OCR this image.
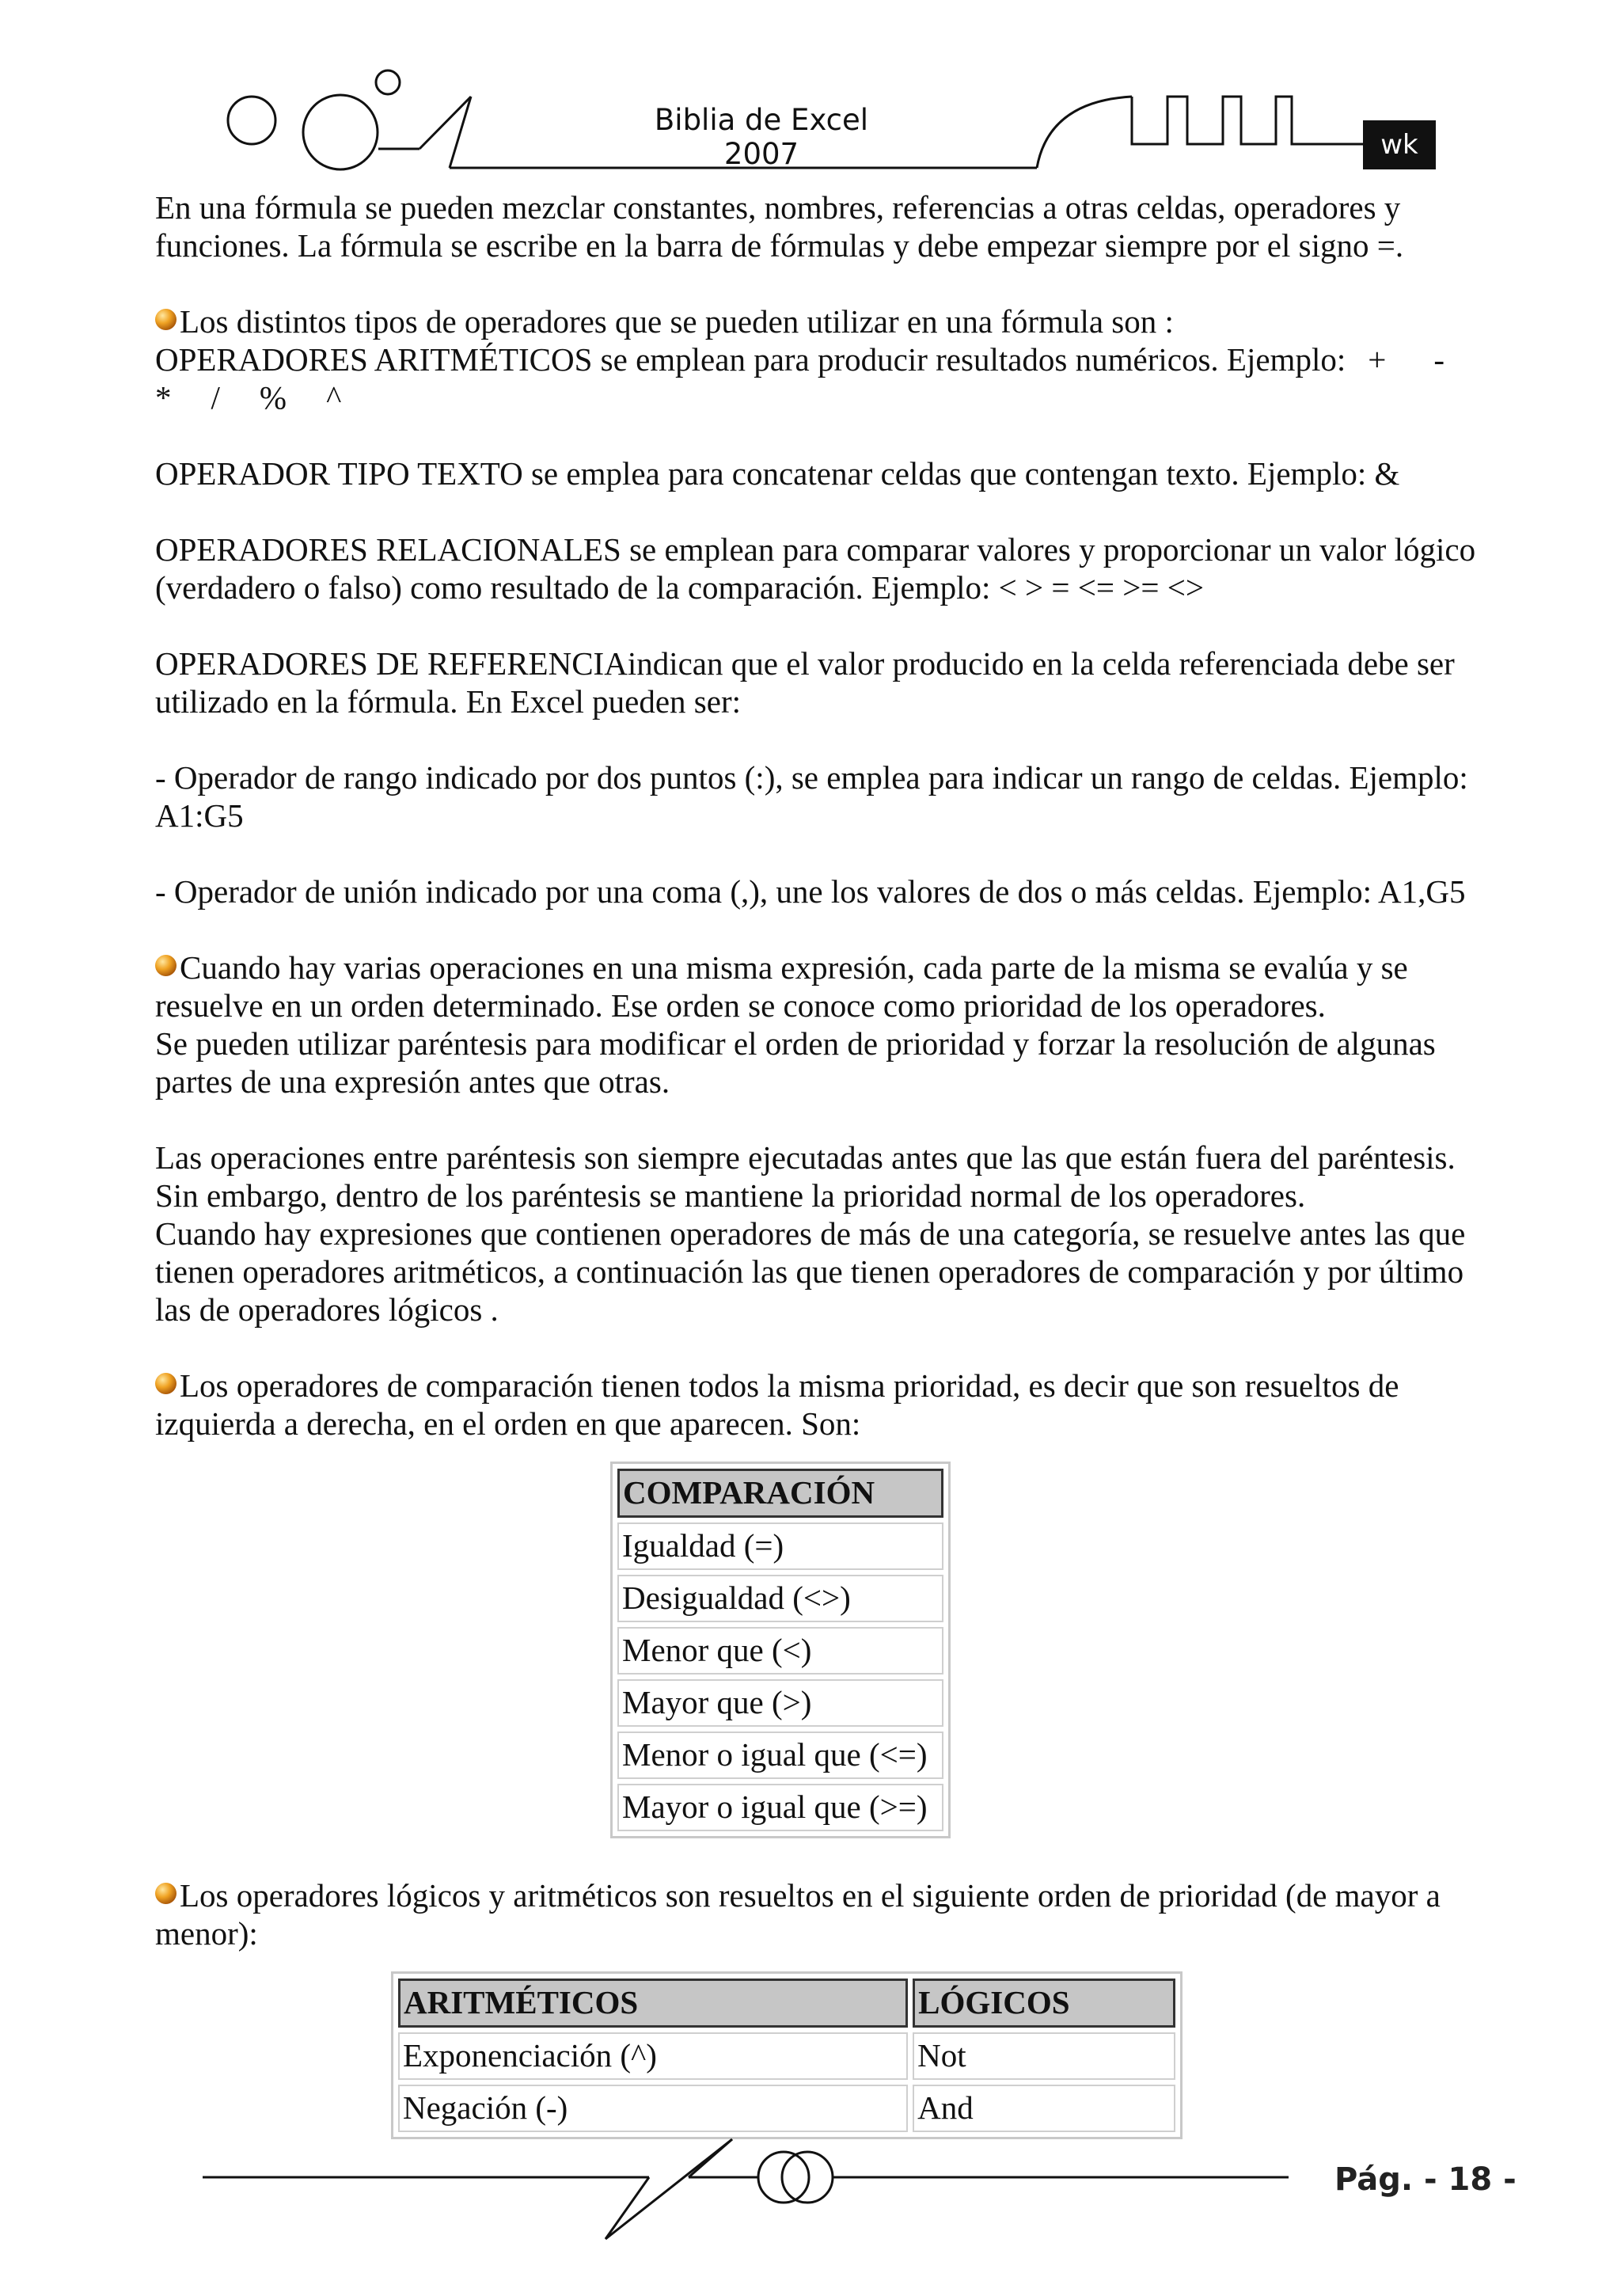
Biblia de Excel 2007	wk

En una fórmula se pueden mezclar constantes, nombres, referencias a otras celdas, operadores y funciones. La fórmula se escribe en la barra de fórmulas y debe empezar siempre por el signo =.

Los distintos tipos de operadores que se pueden utilizar en una fórmula son :

OPERADORES ARITMÉTICOS se emplean para producir resultados numéricos. Ejemplo: + -
* / % ^

OPERADOR TIPO TEXTO se emplea para concatenar celdas que contengan texto. Ejemplo: &

OPERADORES RELACIONALES se emplean para comparar valores y proporcionar un valor lógico (verdadero o falso) como resultado de la comparación. Ejemplo: < > = <= >= <>

OPERADORES DE REFERENCIAindican que el valor producido en la celda referenciada debe ser utilizado en la fórmula. En Excel pueden ser:

- Operador de rango indicado por dos puntos (:), se emplea para indicar un rango de celdas. Ejemplo: A1:G5

- Operador de unión indicado por una coma (,), une los valores de dos o más celdas. Ejemplo: A1,G5

Cuando hay varias operaciones en una misma expresión, cada parte de la misma se evalúa y se resuelve en un orden determinado. Ese orden se conoce como prioridad de los operadores.

Se pueden utilizar paréntesis para modificar el orden de prioridad y forzar la resolución de algunas partes de una expresión antes que otras.

Las operaciones entre paréntesis son siempre ejecutadas antes que las que están fuera del paréntesis.

Sin embargo, dentro de los paréntesis se mantiene la prioridad normal de los operadores.

Cuando hay expresiones que contienen operadores de más de una categoría, se resuelve antes las que tienen operadores aritméticos, a continuación las que tienen operadores de comparación y por último las de operadores lógicos .

Los operadores de comparación tienen todos la misma prioridad, es decir que son resueltos de izquierda a derecha, en el orden en que aparecen. Son:

COMPARACIÓN
Igualdad (=)
Desigualdad (<>)
Menor que (<)
Mayor que (>)
Menor o igual que (<=)
Mayor o igual que (>=)

Los operadores lógicos y aritméticos son resueltos en el siguiente orden de prioridad (de mayor a menor):

ARITMÉTICOS	LÓGICOS
Exponenciación (^)	Not
Negación (-)	And
Pág. - 18 -
